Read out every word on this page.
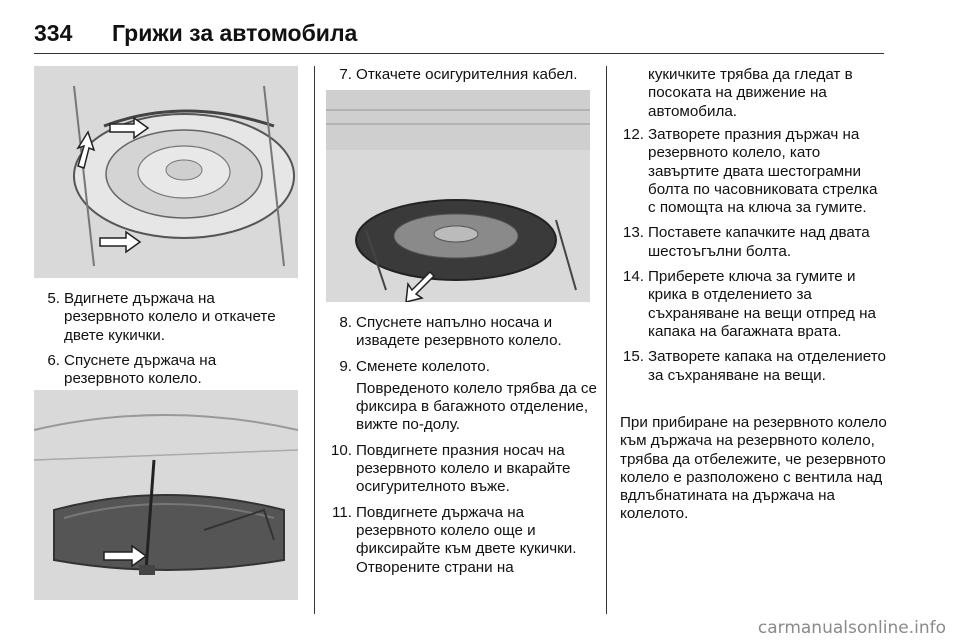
334	Грижи за автомобила
5. Вдигнете държача на резервното колело и откачете двете кукички.
6. Спуснете държача на резервното колело.
7. Откачете осигурителния кабел.
8. Спуснете напълно носача и извадете резервното колело.
9. Сменете колелото.
Повреденото колело трябва да се фиксира в багажното отделение, вижте по-долу.
10. Повдигнете празния носач на резервното колело и вкарайте осигурителното въже.
11. Повдигнете държача на резервното колело още и фиксирайте към двете кукички. Отворените страни на

кукичките трябва да гледат в посоката на движение на автомобила.

12. Затворете празния държач на резервното колело, като завъртите двата шестограмни болта по часовниковата стрелка с помощта на ключа за гумите.
13. Поставете капачките над двата шестоъгълни болта.
14. Приберете ключа за гумите и крика в отделението за съхраняване на вещи отпред на капака на багажната врата.
15. Затворете капака на отделението за съхраняване на вещи.

При прибиране на резервното колело към държача на резервното колело, трябва да отбележите, че резервното колело е разположено с вентила над вдлъбнатината на държача на колелото.

carmanualsonline.info
